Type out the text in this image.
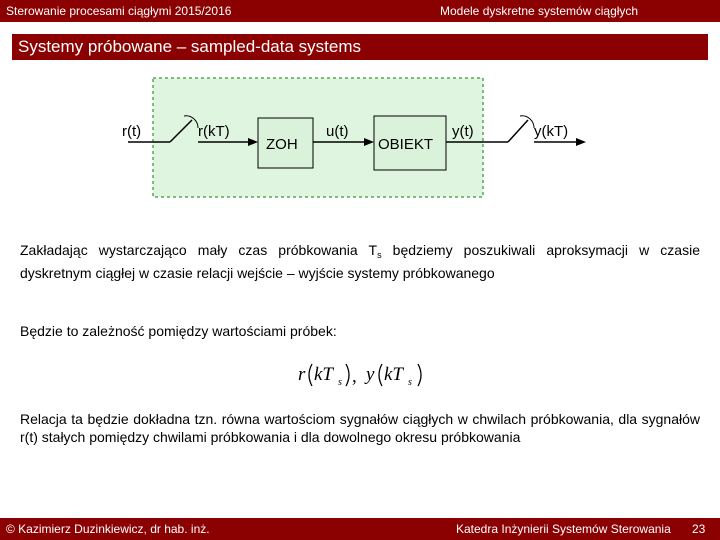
Sterowanie procesami ciągłymi 2015/2016	Modele dyskretne systemów ciągłych
Systemy próbowane – sampled-data systems
r(t)	r(kT)
ZOH
u(t)
OBIEKT
y(t)	y(kT)
Zakładając wystarczająco mały czas próbkowania $T_s$ będziemy poszukiwali aproksymacji w czasie dyskretnym ciągłej w czasie relacji wejście – wyjście systemy próbkowanego
Będzie to zależność pomiędzy wartościami próbek:
r kT s , y kT s
Relacja ta będzie dokładna tzn. równa wartościom sygnałów ciągłych w chwilach próbkowania, dla sygnałów r(t) stałych pomiędzy chwilami próbkowania i dla dowolnego okresu próbkowania
© Kazimierz Duzinkiewicz, dr hab. inż.	Katedra Inżynierii Systemów Sterowania 23
